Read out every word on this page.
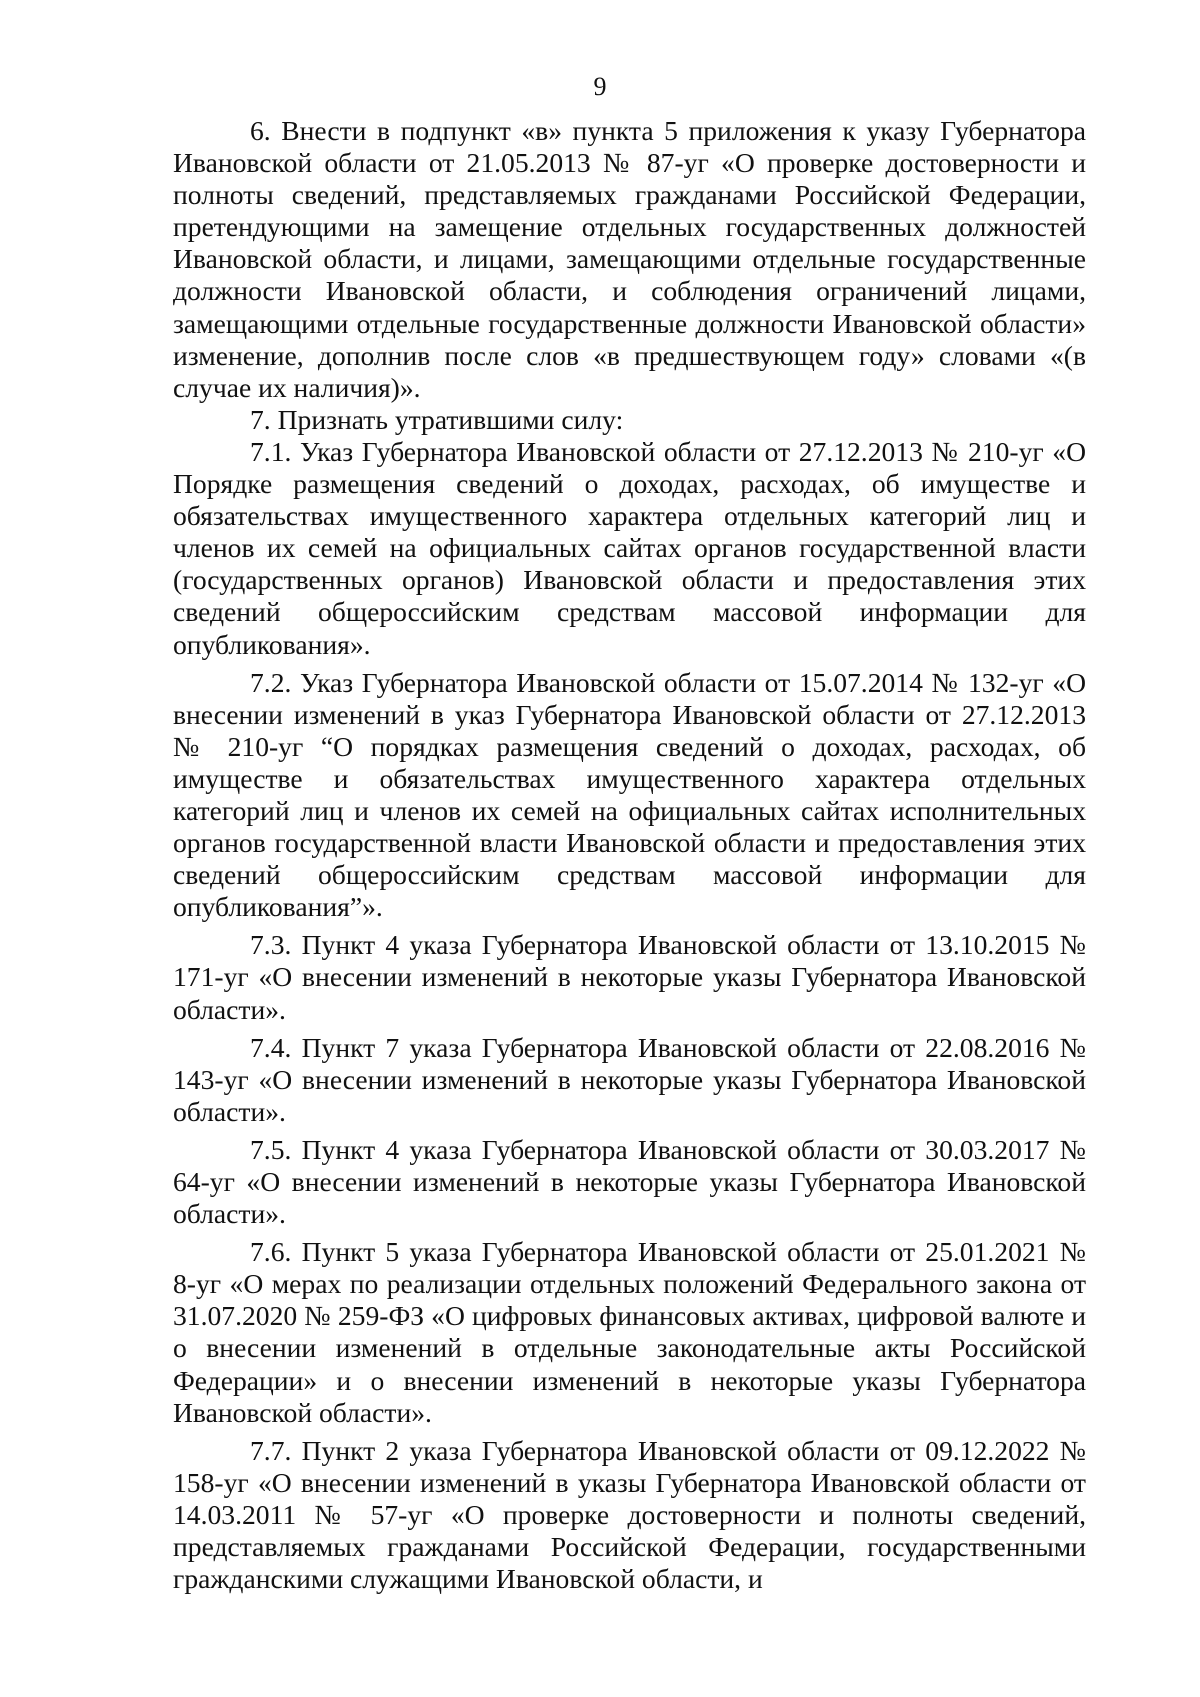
9

6. Внести в подпункт «в» пункта 5 приложения к указу Губернатора Ивановской области от 21.05.2013 № 87-уг «О проверке достоверности и полноты сведений, представляемых гражданами Российской Федерации, претендующими на замещение отдельных государственных должностей Ивановской области, и лицами, замещающими отдельные государственные должности Ивановской области, и соблюдения ограничений лицами, замещающими отдельные государственные должности Ивановской области» изменение, дополнив после слов «в предшествующем году» словами «(в случае их наличия)».

7. Признать утратившими силу:

7.1. Указ Губернатора Ивановской области от 27.12.2013 № 210-уг «О Порядке размещения сведений о доходах, расходах, об имуществе и обязательствах имущественного характера отдельных категорий лиц и членов их семей на официальных сайтах органов государственной власти (государственных органов) Ивановской области и предоставления этих сведений общероссийским средствам массовой информации для опубликования».

7.2. Указ Губернатора Ивановской области от 15.07.2014 № 132-уг «О внесении изменений в указ Губернатора Ивановской области от 27.12.2013 № 210-уг “О порядках размещения сведений о доходах, расходах, об имуществе и обязательствах имущественного характера отдельных категорий лиц и членов их семей на официальных сайтах исполнительных органов государственной власти Ивановской области и предоставления этих сведений общероссийским средствам массовой информации для опубликования”».

7.3. Пункт 4 указа Губернатора Ивановской области от 13.10.2015 № 171-уг «О внесении изменений в некоторые указы Губернатора Ивановской области».

7.4. Пункт 7 указа Губернатора Ивановской области от 22.08.2016 № 143-уг «О внесении изменений в некоторые указы Губернатора Ивановской области».

7.5. Пункт 4 указа Губернатора Ивановской области от 30.03.2017 № 64-уг «О внесении изменений в некоторые указы Губернатора Ивановской области».

7.6. Пункт 5 указа Губернатора Ивановской области от 25.01.2021 № 8-уг «О мерах по реализации отдельных положений Федерального закона от 31.07.2020 № 259-ФЗ «О цифровых финансовых активах, цифровой валюте и о внесении изменений в отдельные законодательные акты Российской Федерации» и о внесении изменений в некоторые указы Губернатора Ивановской области».

7.7. Пункт 2 указа Губернатора Ивановской области от 09.12.2022 № 158-уг «О внесении изменений в указы Губернатора Ивановской области от 14.03.2011 № 57-уг «О проверке достоверности и полноты сведений, представляемых гражданами Российской Федерации, государственными гражданскими служащими Ивановской области, и
